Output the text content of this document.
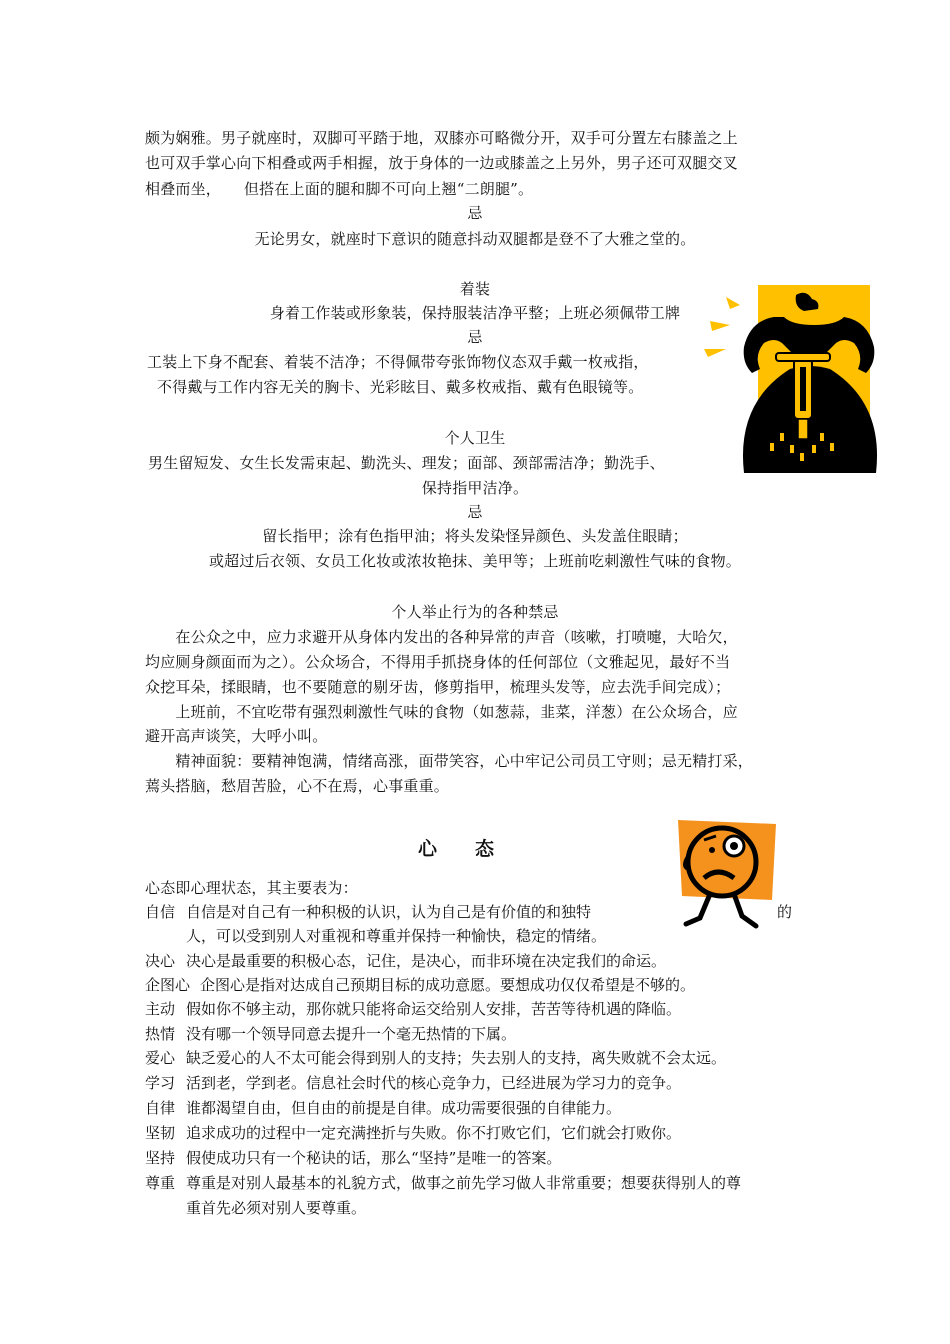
颇为娴雅。男子就座时，双脚可平踏于地，双膝亦可略微分开，双手可分置左右膝盖之上
也可双手掌心向下相叠或两手相握，放于身体的一边或膝盖之上另外，男子还可双腿交叉
相叠而坐，　　但搭在上面的腿和脚不可向上翘“二朗腿”。
忌
无论男女，就座时下意识的随意抖动双腿都是登不了大雅之堂的。
着装
身着工作装或形象装，保持服装洁净平整；上班必须佩带工牌
忌
工装上下身不配套、着装不洁净；不得佩带夸张饰物仪态双手戴一枚戒指，
不得戴与工作内容无关的胸卡、光彩眩目、戴多枚戒指、戴有色眼镜等。
个人卫生
男生留短发、女生长发需束起、勤洗头、理发；面部、颈部需洁净；勤洗手、
保持指甲洁净。
忌
留长指甲；涂有色指甲油；将头发染怪异颜色、头发盖住眼睛；
或超过后衣领、女员工化妆或浓妆艳抹、美甲等；上班前吃刺激性气味的食物。
个人举止行为的各种禁忌
　　在公众之中，应力求避开从身体内发出的各种异常的声音（咳嗽，打喷嚏，大哈欠，
均应厕身颜面而为之）。公众场合，不得用手抓挠身体的任何部位（文雅起见，最好不当
众挖耳朵，揉眼睛，也不要随意的剔牙齿，修剪指甲，梳理头发等，应去洗手间完成）；
　　上班前，不宜吃带有强烈刺激性气味的食物（如葱蒜，韭菜，洋葱）在公众场合，应
避开高声谈笑，大呼小叫。
　　精神面貌：要精神饱满，情绪高涨，面带笑容，心中牢记公司员工守则；忌无精打采，
蔫头搭脑，愁眉苦脸，心不在焉，心事重重。
心态
心态即心理状态，其主要表为：
自信 自信是对自己有一种积极的认识，认为自己是有价值的和独特	的
人，可以受到别人对重视和尊重并保持一种愉快，稳定的情绪。
决心 决心是最重要的积极心态，记住，是决心，而非环境在决定我们的命运。
企图心 企图心是指对达成自己预期目标的成功意愿。要想成功仅仅希望是不够的。
主动 假如你不够主动，那你就只能将命运交给别人安排，苦苦等待机遇的降临。
热情 没有哪一个领导同意去提升一个毫无热情的下属。
爱心 缺乏爱心的人不太可能会得到别人的支持；失去别人的支持，离失败就不会太远。
学习 活到老，学到老。信息社会时代的核心竞争力，已经进展为学习力的竞争。
自律 谁都渴望自由，但自由的前提是自律。成功需要很强的自律能力。
坚韧 追求成功的过程中一定充满挫折与失败。你不打败它们，它们就会打败你。
坚持 假使成功只有一个秘诀的话，那么“坚持”是唯一的答案。
尊重 尊重是对别人最基本的礼貌方式，做事之前先学习做人非常重要；想要获得别人的尊
重首先必须对别人要尊重。
